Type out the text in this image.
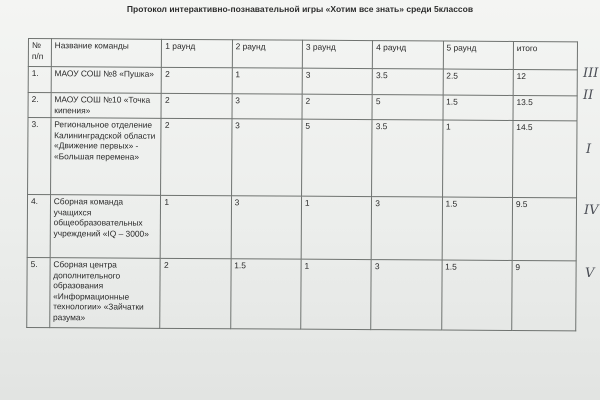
Протокол интерактивно-познавательной игры «Хотим все знать» среди 5классов
№ п/п	Название команды	1 раунд	2 раунд	3 раунд	4 раунд	5 раунд	итого
1.	МАОУ СОШ №8 «Пушка»	2	1	3	3.5	2.5	12
2.	МАОУ СОШ №10 «Точка кипения»	2	3	2	5	1.5	13.5
3.	Региональное отделение Калининградской области «Движение первых» - «Большая перемена»	2	3	5	3.5	1	14.5
4.	Сборная команда учащихся общеобразовательных учреждений «IQ – 3000»	1	3	1	3	1.5	9.5
5.	Сборная центра дополнительного образования «Информационные технологии» «Зайчатки разума»	2	1.5	1	3	1.5	9
III
II
I
IV
V
